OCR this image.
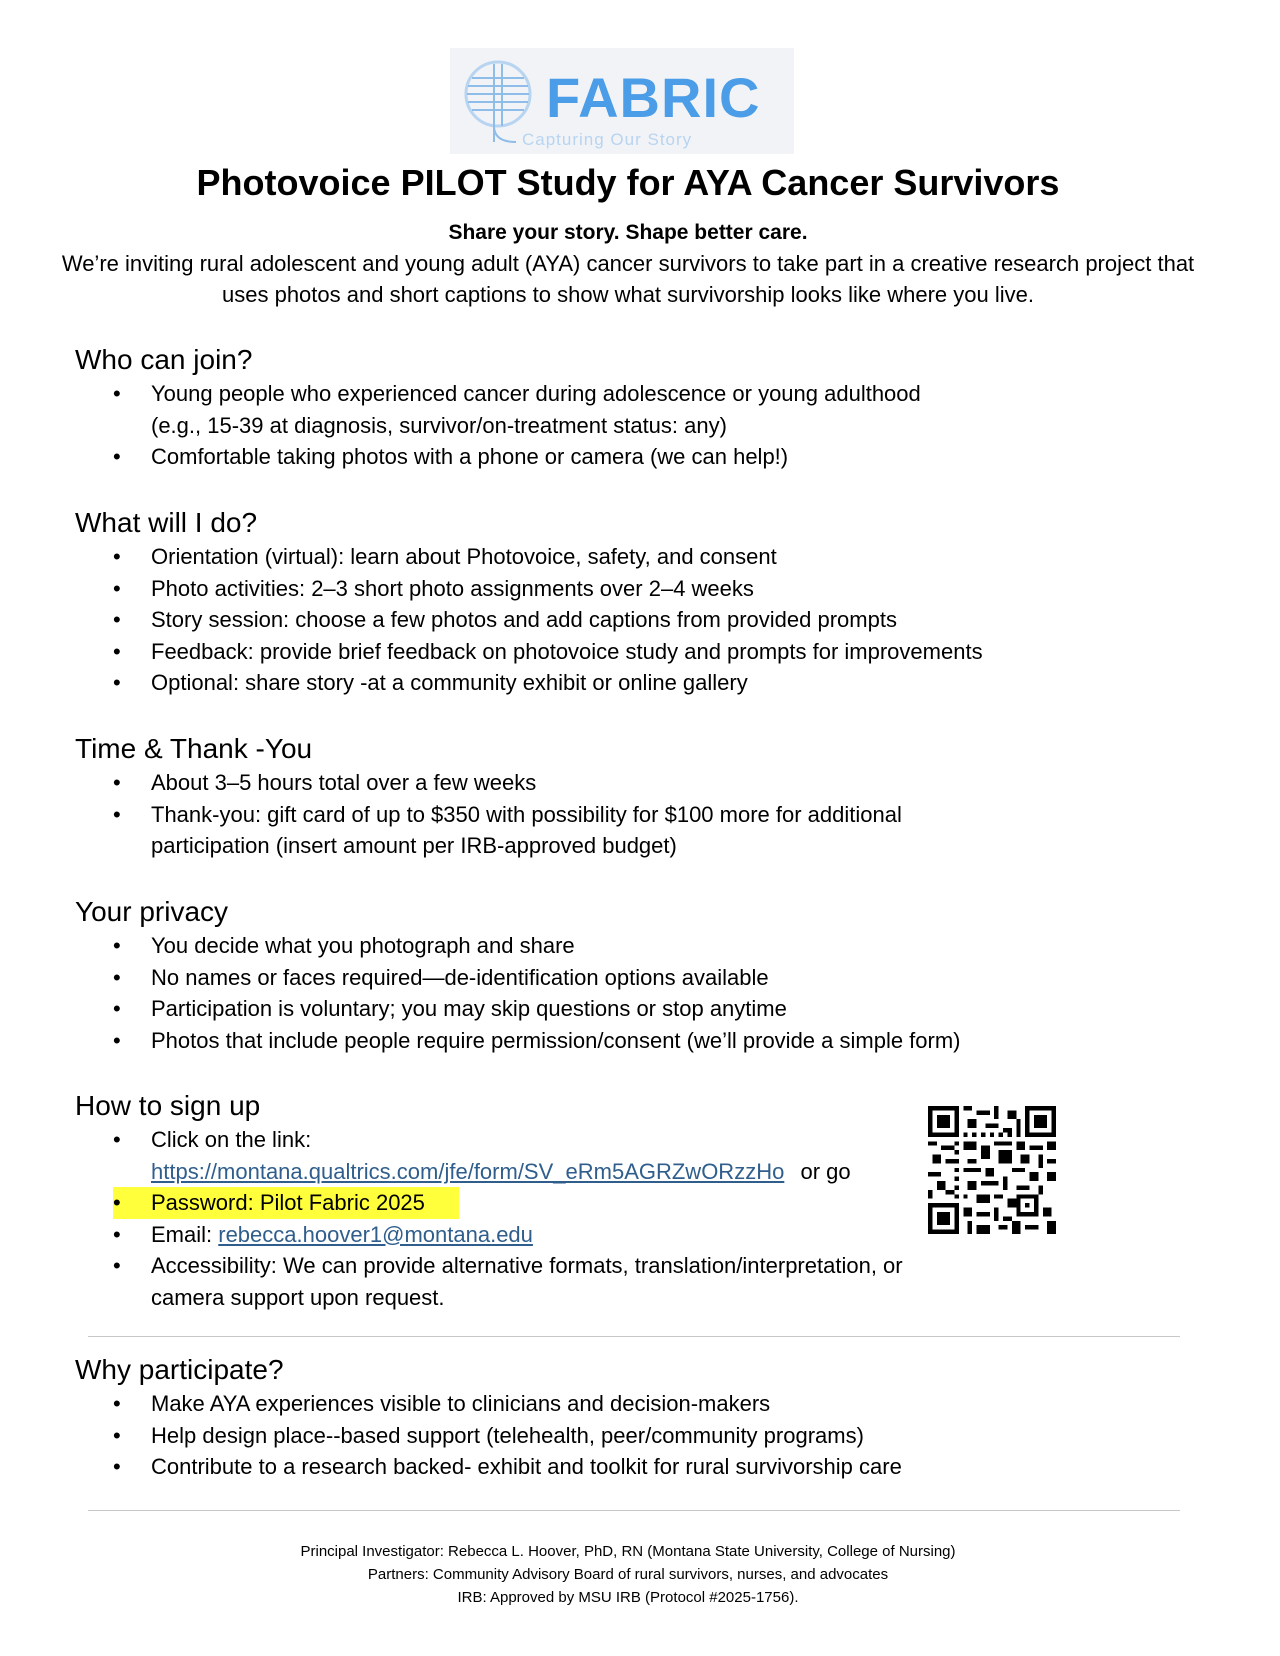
FABRIC
Capturing Our Story
Photovoice PILOT Study for AYA Cancer Survivors
Share your story. Shape better care.
We’re inviting rural adolescent and young adult (AYA) cancer survivors to take part in a creative research project that uses photos and short captions to show what survivorship looks like where you live.
Who can join?
• Young people who experienced cancer during adolescence or young adulthood
(e.g., 15-39 at diagnosis, survivor/on-treatment status: any)
• Comfortable taking photos with a phone or camera (we can help!)
What will I do?
• Orientation (virtual): learn about Photovoice, safety, and consent
• Photo activities: 2–3 short photo assignments over 2–4 weeks
• Story session: choose a few photos and add captions from provided prompts
• Feedback: provide brief feedback on photovoice study and prompts for improvements
• Optional: share story -at a community exhibit or online gallery
Time & Thank -You
• About 3–5 hours total over a few weeks
• Thank-you: gift card of up to $350 with possibility for $100 more for additional
participation (insert amount per IRB-approved budget)
Your privacy
• You decide what you photograph and share
• No names or faces required—de-identification options available
• Participation is voluntary; you may skip questions or stop anytime
• Photos that include people require permission/consent (we’ll provide a simple form)
How to sign up
• Click on the link:
https://montana.qualtrics.com/jfe/form/SV_eRm5AGRZwORzzHo or go
• Password: Pilot Fabric 2025
• Email: rebecca.hoover1@montana.edu
• Accessibility: We can provide alternative formats, translation/interpretation, or
camera support upon request.
Why participate?
• Make AYA experiences visible to clinicians and decision-makers
• Help design place--based support (telehealth, peer/community programs)
• Contribute to a research backed- exhibit and toolkit for rural survivorship care
Principal Investigator: Rebecca L. Hoover, PhD, RN (Montana State University, College of Nursing)
Partners: Community Advisory Board of rural survivors, nurses, and advocates
IRB: Approved by MSU IRB (Protocol #2025-1756).
